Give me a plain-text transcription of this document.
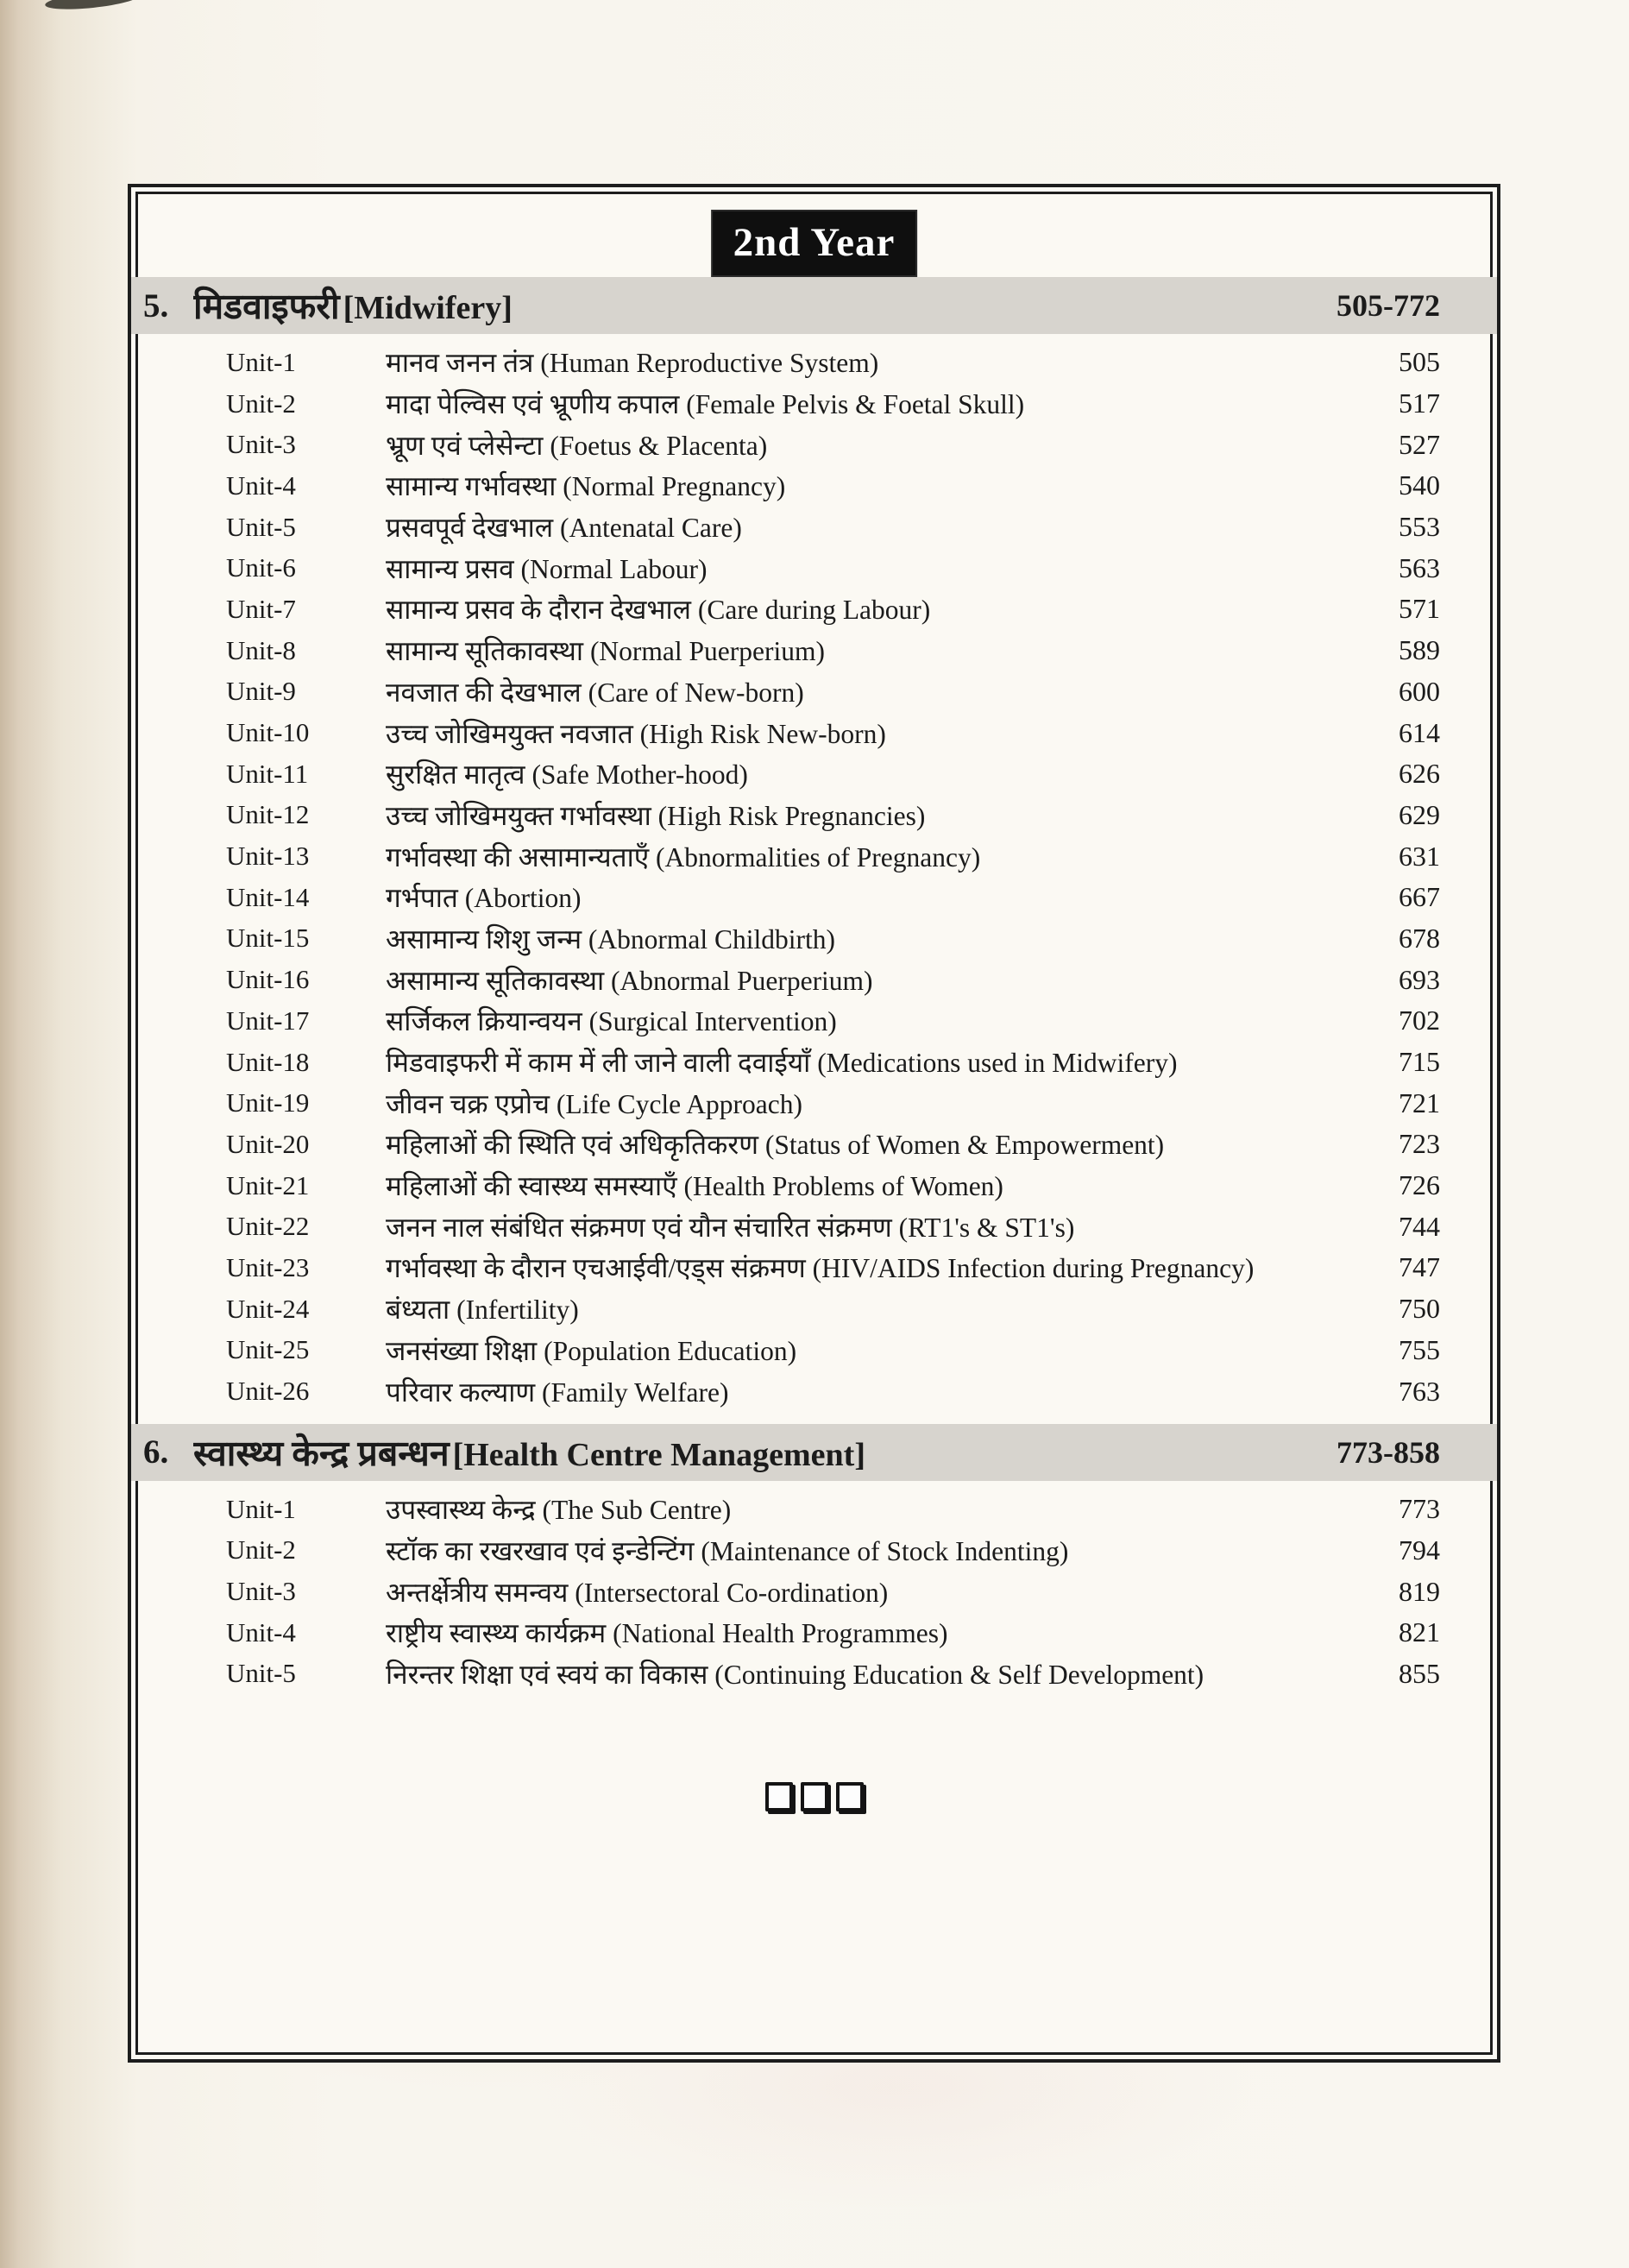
2nd Year
5. मिडवाइफरी [Midwifery]	505-772
Unit-1	मानव जनन तंत्र (Human Reproductive System)	505
Unit-2	मादा पेल्विस एवं भ्रूणीय कपाल (Female Pelvis & Foetal Skull)	517
Unit-3	भ्रूण एवं प्लेसेन्टा (Foetus & Placenta)	527
Unit-4	सामान्य गर्भावस्था (Normal Pregnancy)	540
Unit-5	प्रसवपूर्व देखभाल (Antenatal Care)	553
Unit-6	सामान्य प्रसव (Normal Labour)	563
Unit-7	सामान्य प्रसव के दौरान देखभाल (Care during Labour)	571
Unit-8	सामान्य सूतिकावस्था (Normal Puerperium)	589
Unit-9	नवजात की देखभाल (Care of New-born)	600
Unit-10	उच्च जोखिमयुक्त नवजात (High Risk New-born)	614
Unit-11	सुरक्षित मातृत्व (Safe Mother-hood)	626
Unit-12	उच्च जोखिमयुक्त गर्भावस्था (High Risk Pregnancies)	629
Unit-13	गर्भावस्था की असामान्यताएँ (Abnormalities of Pregnancy)	631
Unit-14	गर्भपात (Abortion)	667
Unit-15	असामान्य शिशु जन्म (Abnormal Childbirth)	678
Unit-16	असामान्य सूतिकावस्था (Abnormal Puerperium)	693
Unit-17	सर्जिकल क्रियान्वयन (Surgical Intervention)	702
Unit-18	मिडवाइफरी में काम में ली जाने वाली दवाईयाँ (Medications used in Midwifery)	715
Unit-19	जीवन चक्र एप्रोच (Life Cycle Approach)	721
Unit-20	महिलाओं की स्थिति एवं अधिकृतिकरण (Status of Women & Empowerment)	723
Unit-21	महिलाओं की स्वास्थ्य समस्याएँ (Health Problems of Women)	726
Unit-22	जनन नाल संबंधित संक्रमण एवं यौन संचारित संक्रमण (RT1's & ST1's)	744
Unit-23	गर्भावस्था के दौरान एचआईवी/एड्स संक्रमण (HIV/AIDS Infection during Pregnancy)	747
Unit-24	बंध्यता (Infertility)	750
Unit-25	जनसंख्या शिक्षा (Population Education)	755
Unit-26	परिवार कल्याण (Family Welfare)	763
6. स्वास्थ्य केन्द्र प्रबन्धन [Health Centre Management]	773-858
Unit-1	उपस्वास्थ्य केन्द्र (The Sub Centre)	773
Unit-2	स्टॉक का रखरखाव एवं इन्डेन्टिंग (Maintenance of Stock Indenting)	794
Unit-3	अन्तर्क्षेत्रीय समन्वय (Intersectoral Co-ordination)	819
Unit-4	राष्ट्रीय स्वास्थ्य कार्यक्रम (National Health Programmes)	821
Unit-5	निरन्तर शिक्षा एवं स्वयं का विकास (Continuing Education & Self Development)	855
